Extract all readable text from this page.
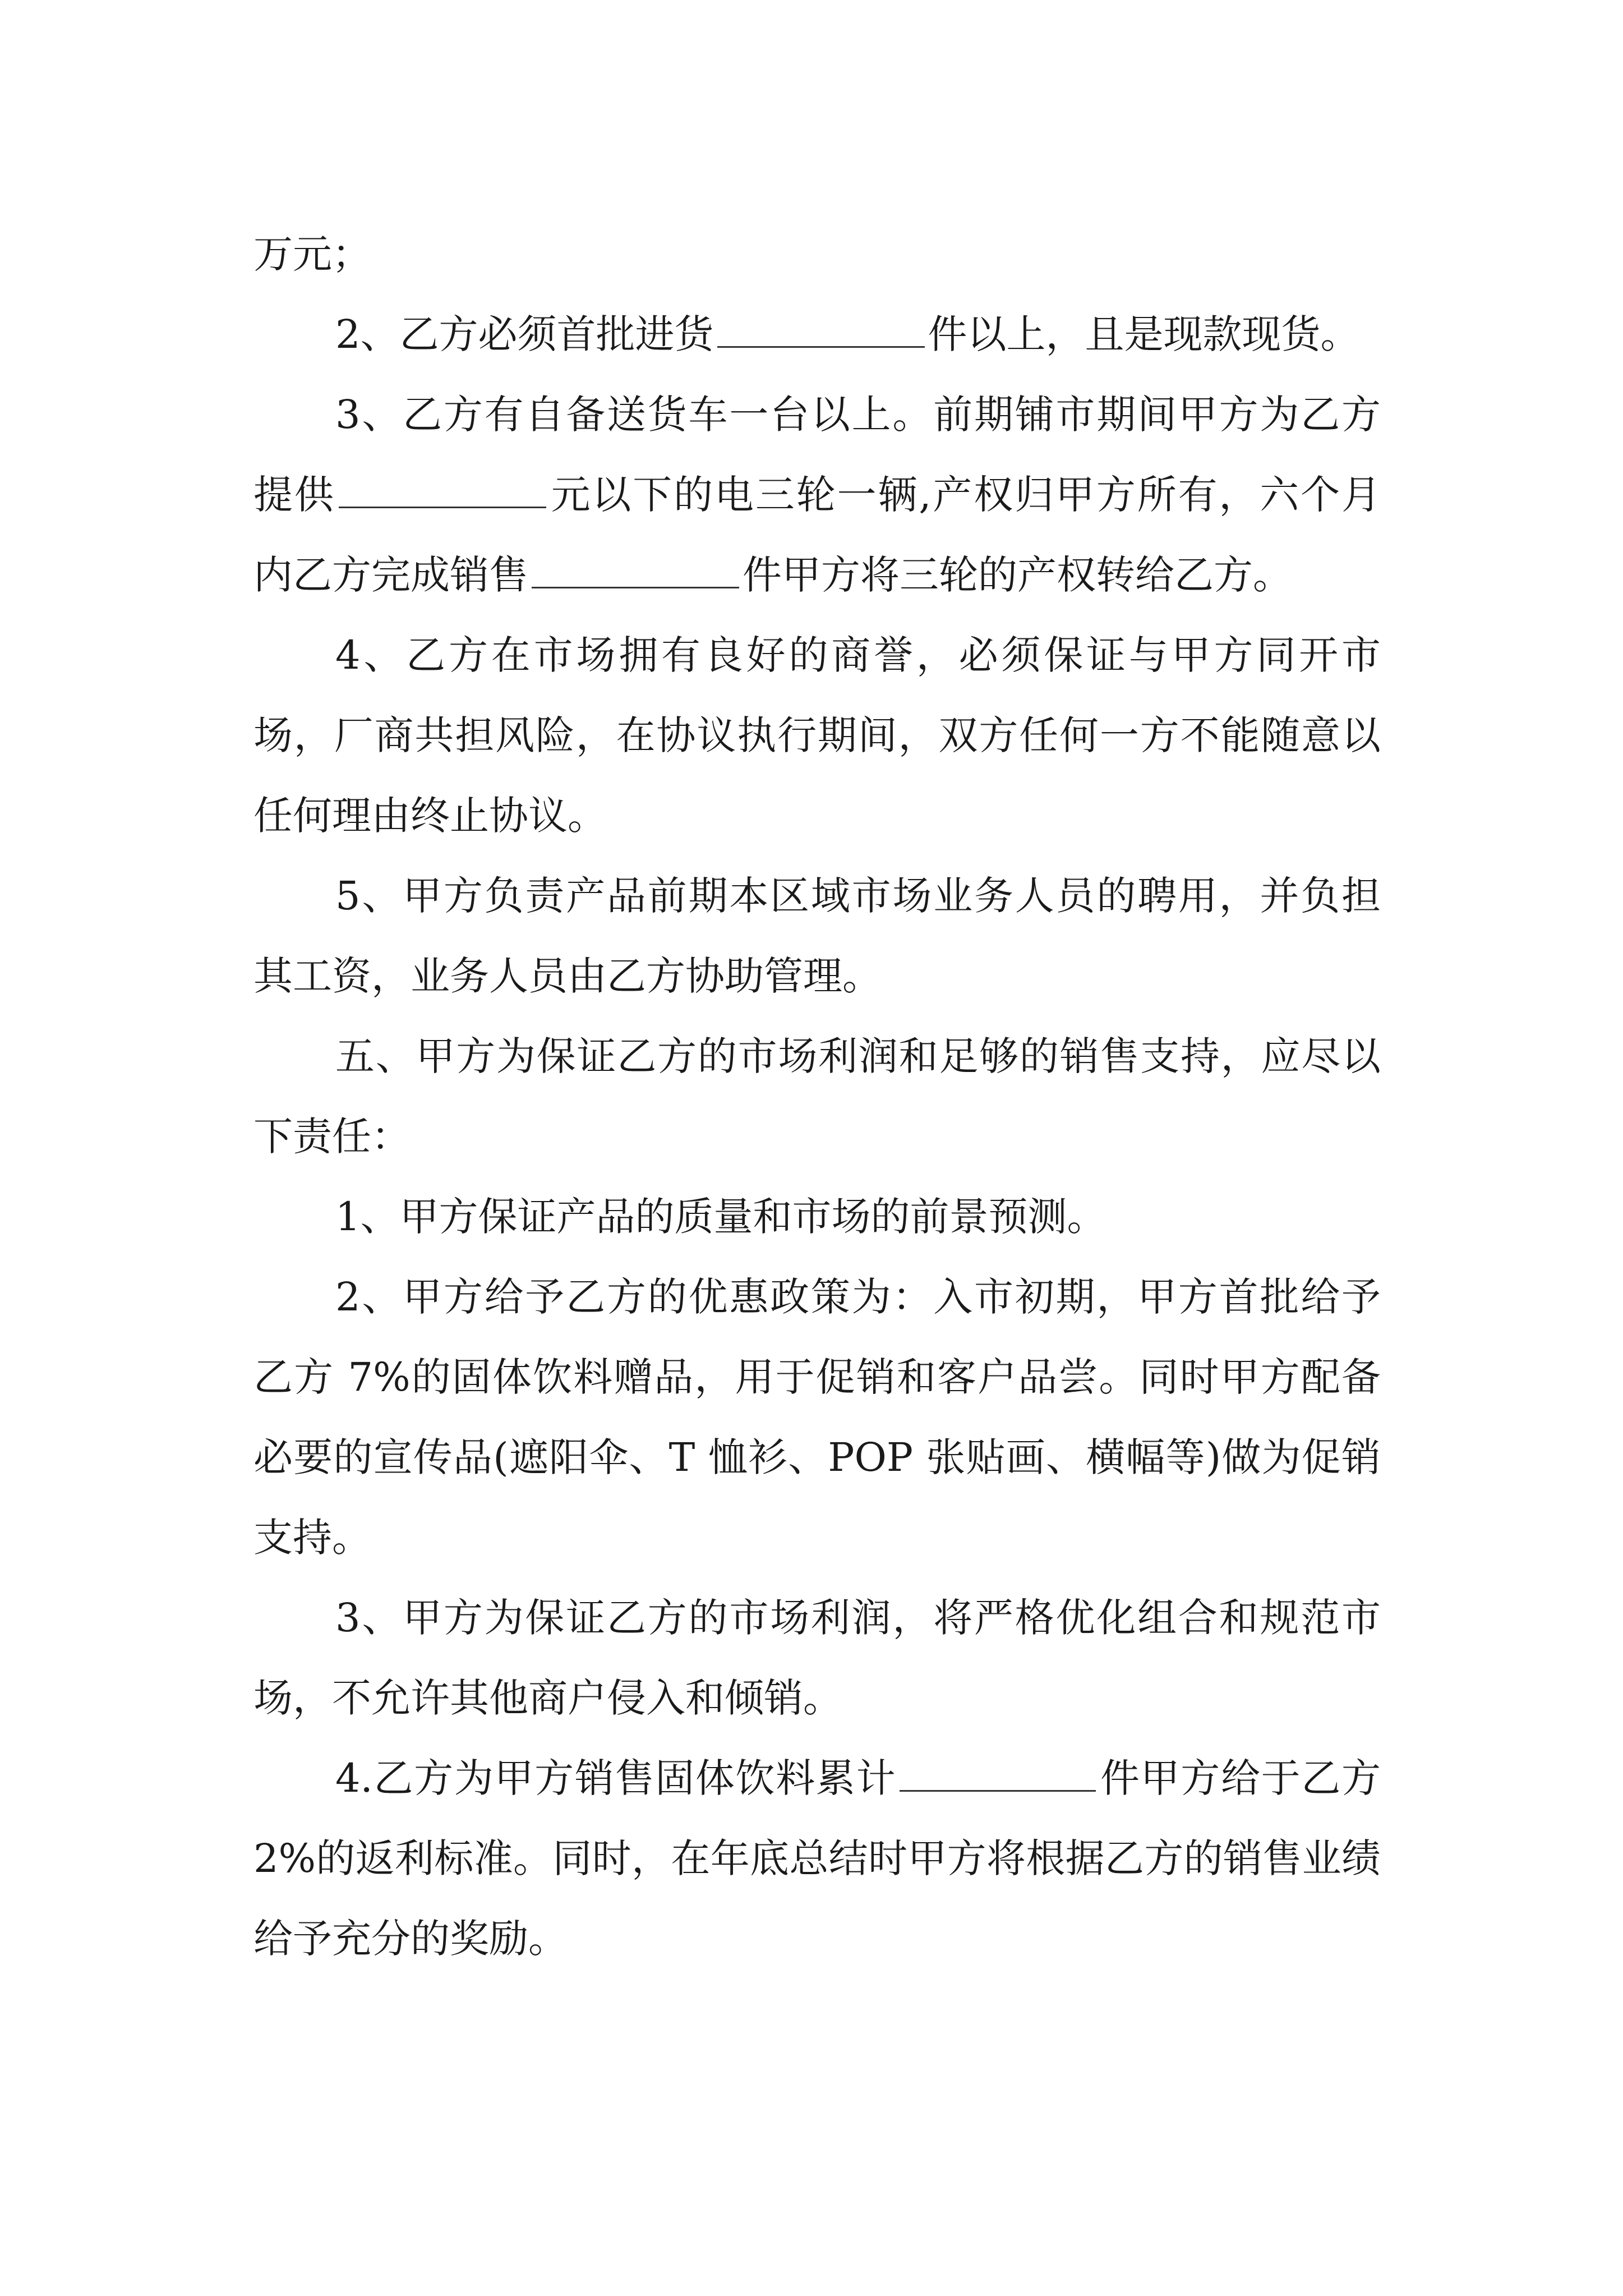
万元；

2、乙方必须首批进货	件以上，且是现款现货。

3、乙方有自备送货车一台以上。前期铺市期间甲方为乙方提供	元以下的电三轮一辆,产权归甲方所有，六个月内乙方完成销售	件甲方将三轮的产权转给乙方。

4、乙方在市场拥有良好的商誉，必须保证与甲方同开市场，厂商共担风险，在协议执行期间，双方任何一方不能随意以任何理由终止协议。

5、甲方负责产品前期本区域市场业务人员的聘用，并负担其工资，业务人员由乙方协助管理。

五、甲方为保证乙方的市场利润和足够的销售支持，应尽以下责任：

1、甲方保证产品的质量和市场的前景预测。

2、甲方给予乙方的优惠政策为：入市初期，甲方首批给予乙方 7%的固体饮料赠品，用于促销和客户品尝。同时甲方配备必要的宣传品(遮阳伞、T 恤衫、POP 张贴画、横幅等)做为促销支持。

3、甲方为保证乙方的市场利润，将严格优化组合和规范市场，不允许其他商户侵入和倾销。

4.乙方为甲方销售固体饮料累计	件甲方给于乙方 2%的返利标准。同时，在年底总结时甲方将根据乙方的销售业绩给予充分的奖励。
